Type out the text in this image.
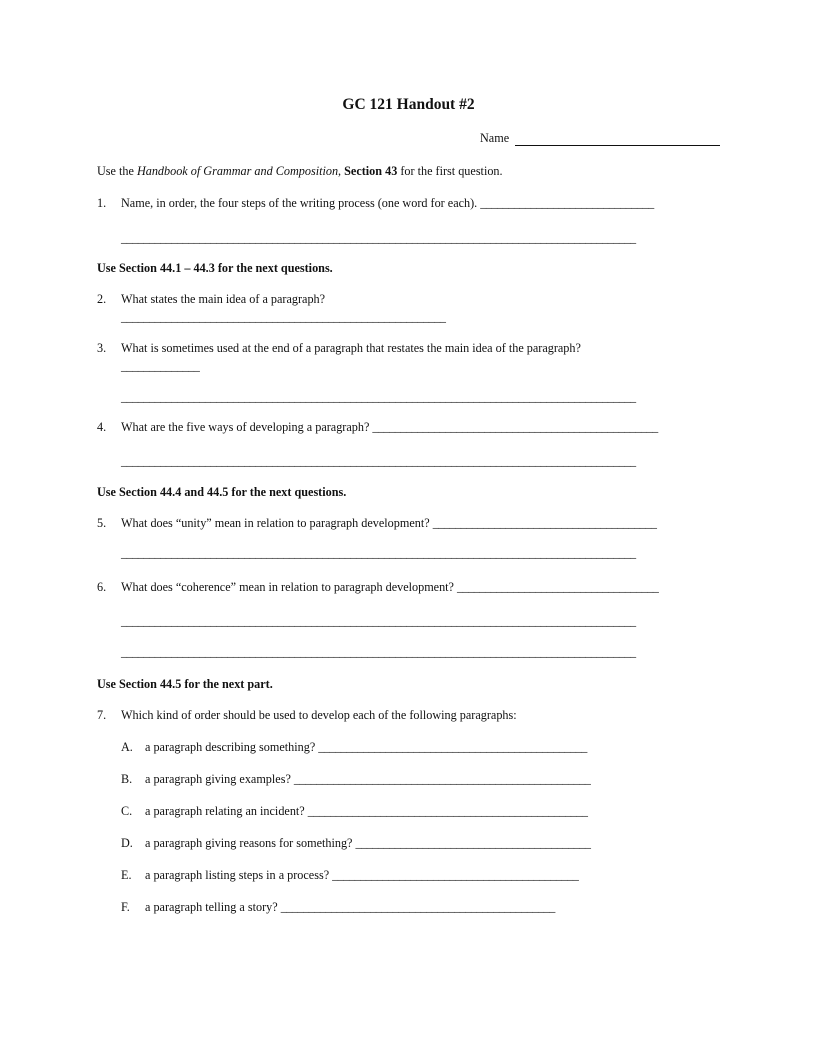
GC 121 Handout #2
Name
Use the Handbook of Grammar and Composition, Section 43 for the first question.
1. Name, in order, the four steps of the writing process (one word for each). _______________________________
____________________________________________________________________________________________
Use Section 44.1 – 44.3 for the next questions.
2. What states the main idea of a paragraph?
__________________________________________________________
3. What is sometimes used at the end of a paragraph that restates the main idea of the paragraph?
______________
____________________________________________________________________________________________
4. What are the five ways of developing a paragraph? ___________________________________________________
____________________________________________________________________________________________
Use Section 44.4 and 44.5 for the next questions.
5. What does “unity” mean in relation to paragraph development? ________________________________________
____________________________________________________________________________________________
6. What does “coherence” mean in relation to paragraph development? ____________________________________
____________________________________________________________________________________________
____________________________________________________________________________________________
Use Section 44.5 for the next part.
7. Which kind of order should be used to develop each of the following paragraphs:
A. a paragraph describing something? ________________________________________________
B. a paragraph giving examples? _____________________________________________________
C. a paragraph relating an incident? __________________________________________________
D. a paragraph giving reasons for something? __________________________________________
E. a paragraph listing steps in a process? ____________________________________________
F. a paragraph telling a story? _________________________________________________
